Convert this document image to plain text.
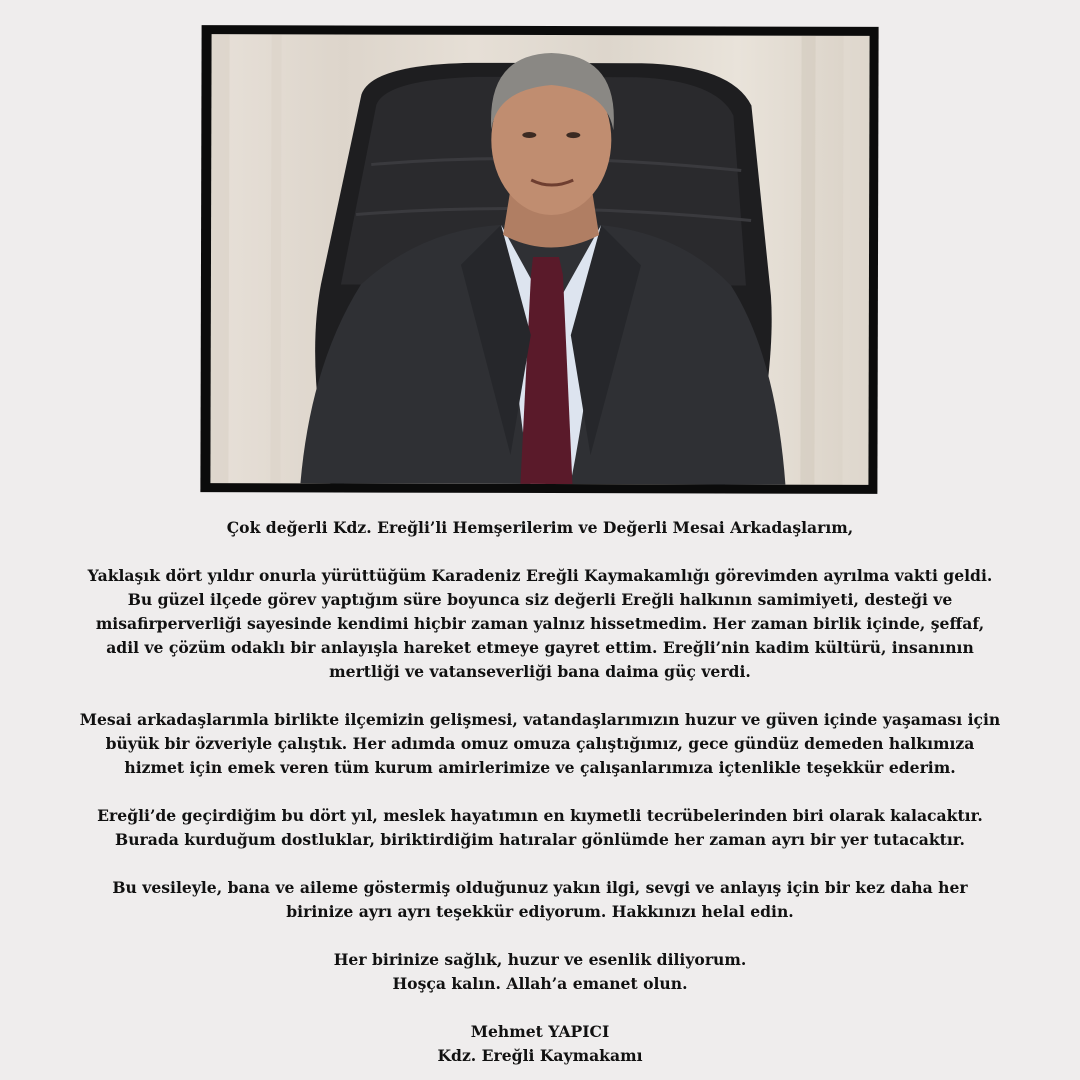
Çok değerli Kdz. Ereğli’li Hemşerilerim ve Değerli Mesai Arkadaşlarım,

Yaklaşık dört yıldır onurla yürüttüğüm Karadeniz Ereğli Kaymakamlığı görevimden ayrılma vakti geldi.
Bu güzel ilçede görev yaptığım süre boyunca siz değerli Ereğli halkının samimiyeti, desteği ve
misafirperverliği sayesinde kendimi hiçbir zaman yalnız hissetmedim. Her zaman birlik içinde, şeffaf,
adil ve çözüm odaklı bir anlayışla hareket etmeye gayret ettim. Ereğli’nin kadim kültürü, insanının
mertliği ve vatanseverliği bana daima güç verdi.

Mesai arkadaşlarımla birlikte ilçemizin gelişmesi, vatandaşlarımızın huzur ve güven içinde yaşaması için
büyük bir özveriyle çalıştık. Her adımda omuz omuza çalıştığımız, gece gündüz demeden halkımıza
hizmet için emek veren tüm kurum amirlerimize ve çalışanlarımıza içtenlikle teşekkür ederim.

Ereğli’de geçirdiğim bu dört yıl, meslek hayatımın en kıymetli tecrübelerinden biri olarak kalacaktır.
Burada kurduğum dostluklar, biriktirdiğim hatıralar gönlümde her zaman ayrı bir yer tutacaktır.

Bu vesileyle, bana ve aileme göstermiş olduğunuz yakın ilgi, sevgi ve anlayış için bir kez daha her
birinize ayrı ayrı teşekkür ediyorum. Hakkınızı helal edin.

Her birinize sağlık, huzur ve esenlik diliyorum.
Hoşça kalın. Allah’a emanet olun.

Mehmet YAPICI
Kdz. Ereğli Kaymakamı
